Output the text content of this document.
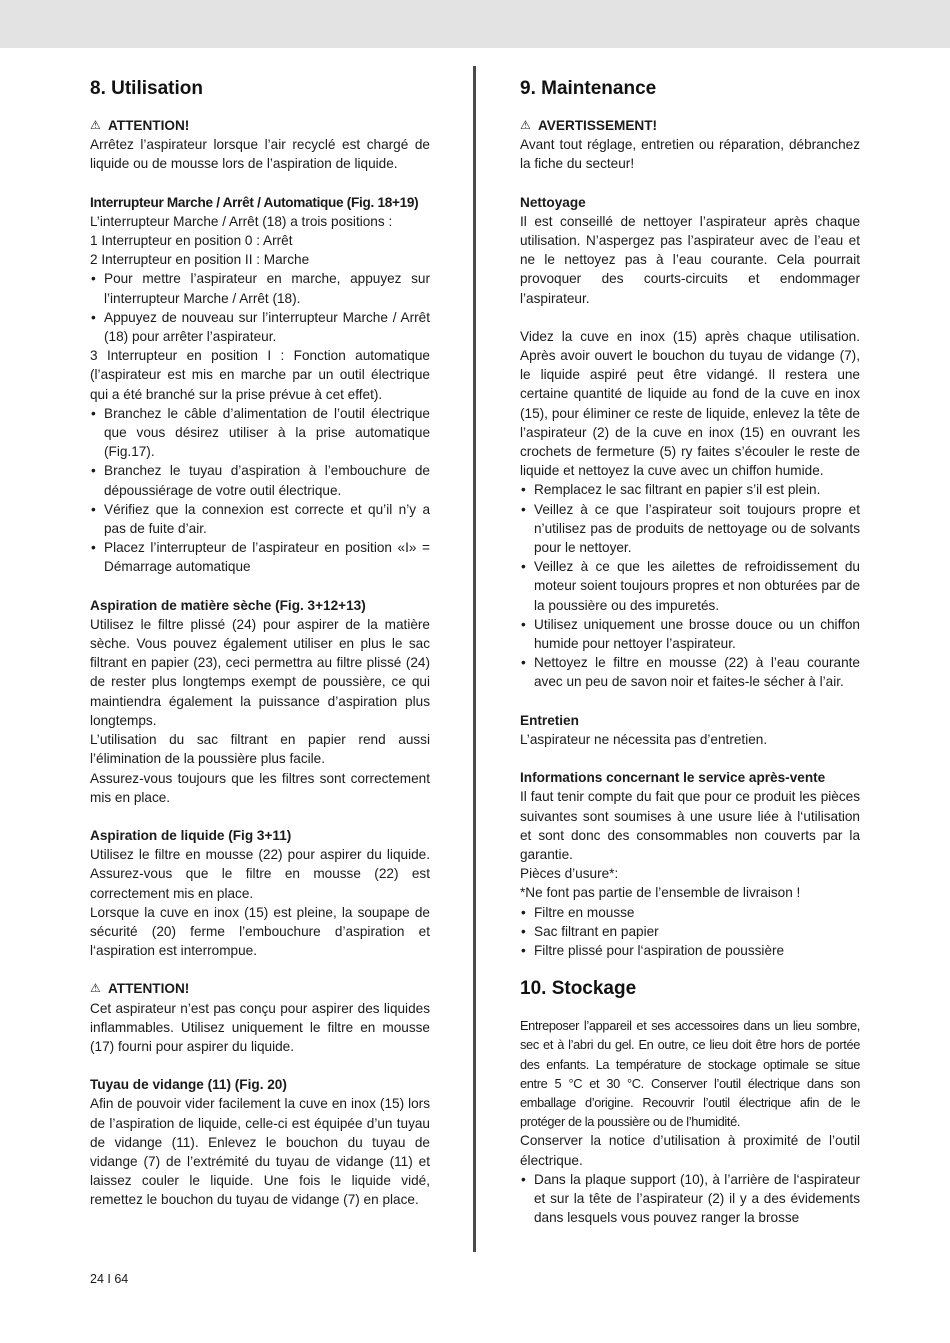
8. Utilisation
⚠ ATTENTION!

Arrêtez l’aspirateur lorsque l’air recyclé est chargé de liquide ou de mousse lors de l’aspiration de liquide.

Interrupteur Marche / Arrêt / Automatique (Fig. 18+19)

L’interrupteur Marche / Arrêt (18) a trois positions :

1 Interrupteur en position 0 : Arrêt

2 Interrupteur en position II : Marche

• Pour mettre l’aspirateur en marche, appuyez sur l’interrupteur Marche / Arrêt (18).
• Appuyez de nouveau sur l’interrupteur Marche / Arrêt (18) pour arrêter l’aspirateur.

3 Interrupteur en position I : Fonction automatique (l’aspirateur est mis en marche par un outil électrique qui a été branché sur la prise prévue à cet effet).

• Branchez le câble d’alimentation de l’outil électrique que vous désirez utiliser à la prise automatique (Fig.17).
• Branchez le tuyau d’aspiration à l’embouchure de dépoussiérage de votre outil électrique.
• Vérifiez que la connexion est correcte et qu’il n’y a pas de fuite d’air.
• Placez l’interrupteur de l’aspirateur en position «I» = Démarrage automatique
Aspiration de matière sèche (Fig. 3+12+13)

Utilisez le filtre plissé (24) pour aspirer de la matière sèche. Vous pouvez également utiliser en plus le sac filtrant en papier (23), ceci permettra au filtre plissé (24) de rester plus longtemps exempt de poussière, ce qui maintiendra également la puissance d’aspiration plus longtemps.

L’utilisation du sac filtrant en papier rend aussi l’élimination de la poussière plus facile.

Assurez-vous toujours que les filtres sont correctement mis en place.

Aspiration de liquide (Fig 3+11)

Utilisez le filtre en mousse (22) pour aspirer du liquide. Assurez-vous que le filtre en mousse (22) est correctement mis en place.

Lorsque la cuve en inox (15) est pleine, la soupape de sécurité (20) ferme l’embouchure d’aspiration et l‘aspiration est interrompue.

⚠ ATTENTION!

Cet aspirateur n’est pas conçu pour aspirer des liquides inflammables. Utilisez uniquement le filtre en mousse (17) fourni pour aspirer du liquide.

Tuyau de vidange (11) (Fig. 20)

Afin de pouvoir vider facilement la cuve en inox (15) lors de l’aspiration de liquide, celle-ci est équipée d’un tuyau de vidange (11). Enlevez le bouchon du tuyau de vidange (7) de l’extrémité du tuyau de vidange (11) et laissez couler le liquide. Une fois le liquide vidé, remettez le bouchon du tuyau de vidange (7) en place.

9. Maintenance
⚠ AVERTISSEMENT!

Avant tout réglage, entretien ou réparation, débranchez la fiche du secteur!

Nettoyage

Il est conseillé de nettoyer l’aspirateur après chaque utilisation. N’aspergez pas l’aspirateur avec de l’eau et ne le nettoyez pas à l’eau courante. Cela pourrait provoquer des courts-circuits et endommager l’aspirateur.

Videz la cuve en inox (15) après chaque utilisation. Après avoir ouvert le bouchon du tuyau de vidange (7), le liquide aspiré peut être vidangé. Il restera une certaine quantité de liquide au fond de la cuve en inox (15), pour éliminer ce reste de liquide, enlevez la tête de l’aspirateur (2) de la cuve en inox (15) en ouvrant les crochets de fermeture (5) ry faites s’écouler le reste de liquide et nettoyez la cuve avec un chiffon humide.

• Remplacez le sac filtrant en papier s’il est plein.
• Veillez à ce que l’aspirateur soit toujours propre et n’utilisez pas de produits de nettoyage ou de solvants pour le nettoyer.
• Veillez à ce que les ailettes de refroidissement du moteur soient toujours propres et non obturées par de la poussière ou des impuretés.
• Utilisez uniquement une brosse douce ou un chiffon humide pour nettoyer l’aspirateur.
• Nettoyez le filtre en mousse (22) à l’eau courante avec un peu de savon noir et faites-le sécher à l’air.
Entretien

L’aspirateur ne nécessita pas d’entretien.

Informations concernant le service après-vente

Il faut tenir compte du fait que pour ce produit les pièces suivantes sont soumises à une usure liée à l‘utilisation et sont donc des consommables non couverts par la garantie.

Pièces d’usure*:

*Ne font pas partie de l’ensemble de livraison !

• Filtre en mousse
• Sac filtrant en papier
• Filtre plissé pour l‘aspiration de poussière
10. Stockage

Entreposer l’appareil et ses accessoires dans un lieu sombre, sec et à l’abri du gel. En outre, ce lieu doit être hors de portée des enfants. La température de stockage optimale se situe entre 5 °C et 30 °C. Conserver l’outil électrique dans son emballage d’origine. Recouvrir l’outil électrique afin de le protéger de la poussière ou de l’humidité.

Conserver la notice d’utilisation à proximité de l’outil électrique.

• Dans la plaque support (10), à l’arrière de l‘aspirateur et sur la tête de l’aspirateur (2) il y a des évidements dans lesquels vous pouvez ranger la brosse
24 I 64
